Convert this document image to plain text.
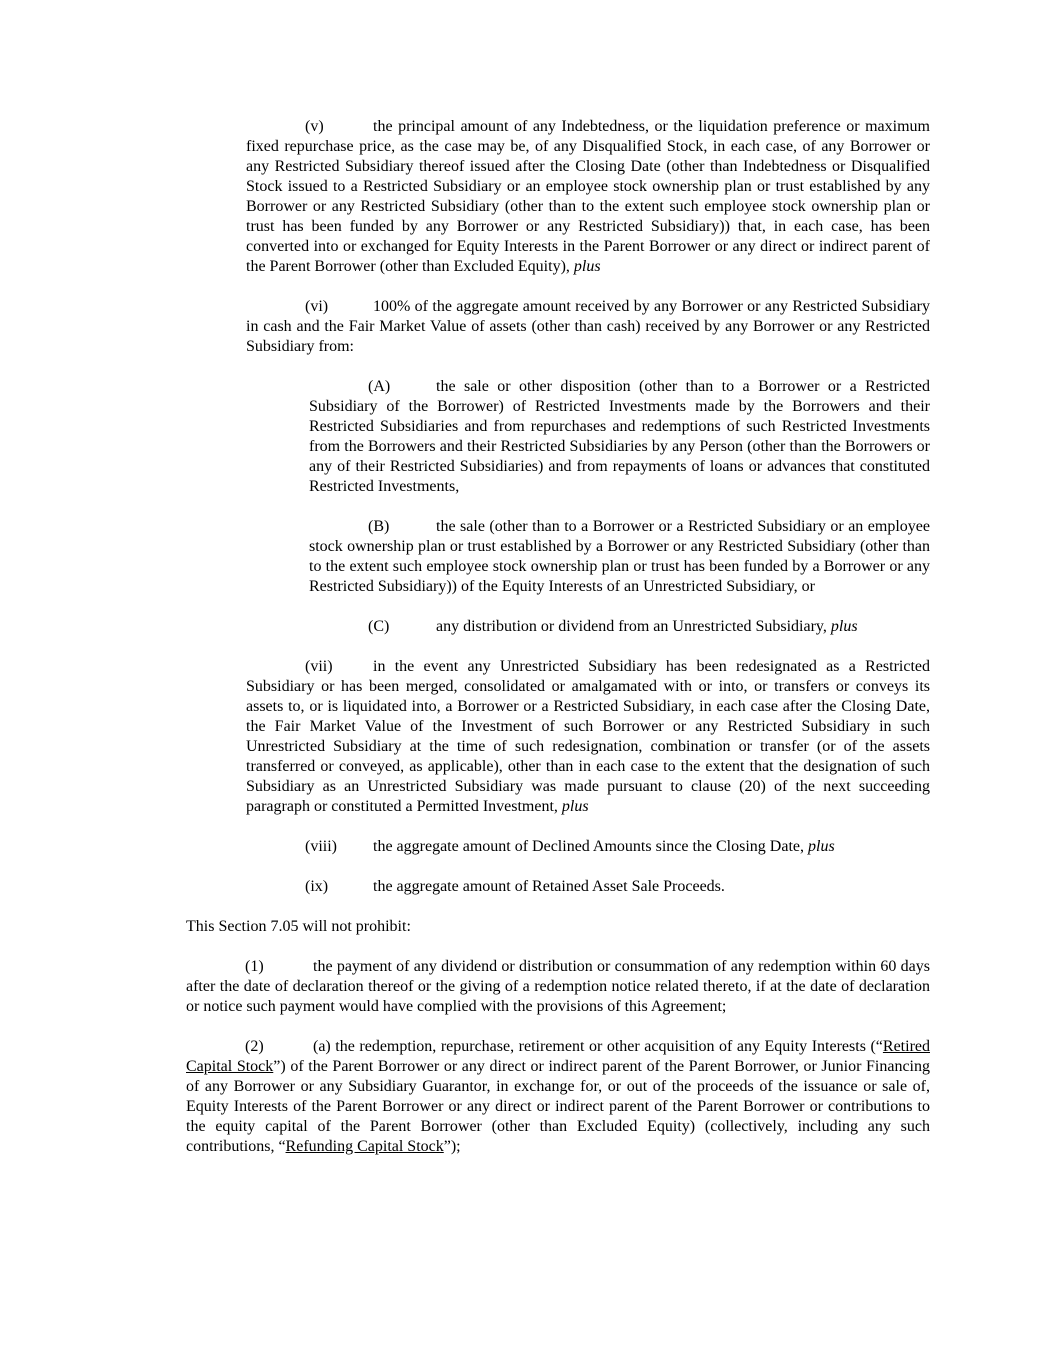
(v)	the principal amount of any Indebtedness, or the liquidation preference or maximum fixed repurchase price, as the case may be, of any Disqualified Stock, in each case, of any Borrower or any Restricted Subsidiary thereof issued after the Closing Date (other than Indebtedness or Disqualified Stock issued to a Restricted Subsidiary or an employee stock ownership plan or trust established by any Borrower or any Restricted Subsidiary (other than to the extent such employee stock ownership plan or trust has been funded by any Borrower or any Restricted Subsidiary)) that, in each case, has been converted into or exchanged for Equity Interests in the Parent Borrower or any direct or indirect parent of the Parent Borrower (other than Excluded Equity), plus

(vi)	100% of the aggregate amount received by any Borrower or any Restricted Subsidiary in cash and the Fair Market Value of assets (other than cash) received by any Borrower or any Restricted Subsidiary from:

(A)	the sale or other disposition (other than to a Borrower or a Restricted Subsidiary of the Borrower) of Restricted Investments made by the Borrowers and their Restricted Subsidiaries and from repurchases and redemptions of such Restricted Investments from the Borrowers and their Restricted Subsidiaries by any Person (other than the Borrowers or any of their Restricted Subsidiaries) and from repayments of loans or advances that constituted Restricted Investments,

(B)	the sale (other than to a Borrower or a Restricted Subsidiary or an employee stock ownership plan or trust established by a Borrower or any Restricted Subsidiary (other than to the extent such employee stock ownership plan or trust has been funded by a Borrower or any Restricted Subsidiary)) of the Equity Interests of an Unrestricted Subsidiary, or

(C)	any distribution or dividend from an Unrestricted Subsidiary, plus

(vii)	in the event any Unrestricted Subsidiary has been redesignated as a Restricted Subsidiary or has been merged, consolidated or amalgamated with or into, or transfers or conveys its assets to, or is liquidated into, a Borrower or a Restricted Subsidiary, in each case after the Closing Date, the Fair Market Value of the Investment of such Borrower or any Restricted Subsidiary in such Unrestricted Subsidiary at the time of such redesignation, combination or transfer (or of the assets transferred or conveyed, as applicable), other than in each case to the extent that the designation of such Subsidiary as an Unrestricted Subsidiary was made pursuant to clause (20) of the next succeeding paragraph or constituted a Permitted Investment, plus

(viii) the aggregate amount of Declined Amounts since the Closing Date, plus

(ix)	the aggregate amount of Retained Asset Sale Proceeds.

This Section 7.05 will not prohibit:

(1)	the payment of any dividend or distribution or consummation of any redemption within 60 days after the date of declaration thereof or the giving of a redemption notice related thereto, if at the date of declaration or notice such payment would have complied with the provisions of this Agreement;

(2)	(a) the redemption, repurchase, retirement or other acquisition of any Equity Interests (“Retired Capital Stock”) of the Parent Borrower or any direct or indirect parent of the Parent Borrower, or Junior Financing of any Borrower or any Subsidiary Guarantor, in exchange for, or out of the proceeds of the issuance or sale of, Equity Interests of the Parent Borrower or any direct or indirect parent of the Parent Borrower or contributions to the equity capital of the Parent Borrower (other than Excluded Equity) (collectively, including any such contributions, “Refunding Capital Stock”);
